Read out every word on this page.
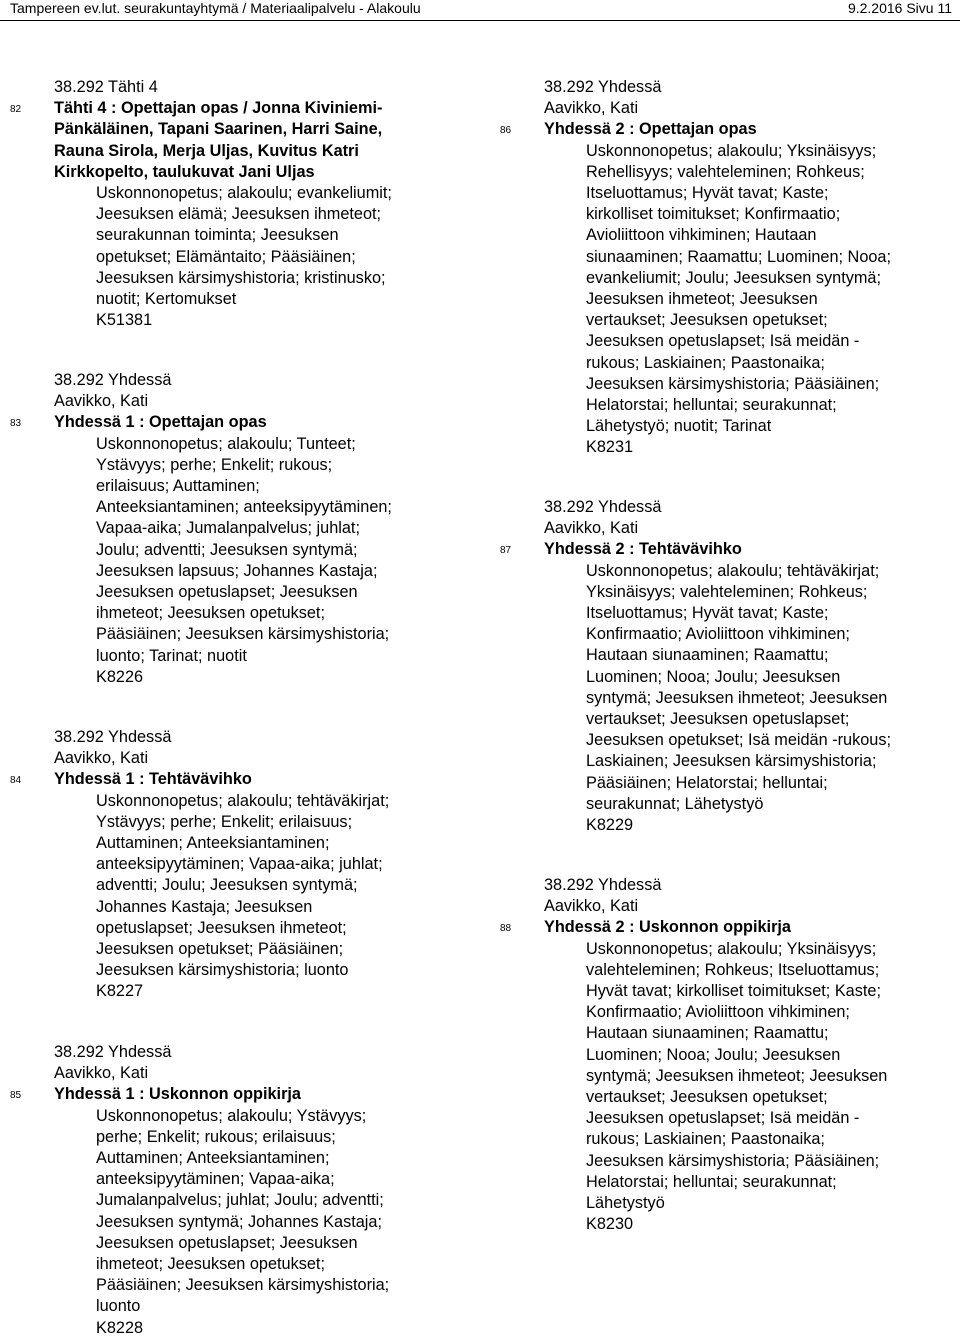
Tampereen ev.lut. seurakuntayhtymä / Materiaalipalvelu - Alakoulu	9.2.2016 Sivu 11
38.292 Tähti 4
82 Tähti 4 : Opettajan opas / Jonna Kiviniemi-
Pänkäläinen, Tapani Saarinen, Harri Saine,
Rauna Sirola, Merja Uljas, Kuvitus Katri
Kirkkopelto, taulukuvat Jani Uljas
Uskonnonopetus; alakoulu; evankeliumit;
Jeesuksen elämä; Jeesuksen ihmeteot;
seurakunnan toiminta; Jeesuksen
opetukset; Elämäntaito; Pääsiäinen;
Jeesuksen kärsimyshistoria; kristinusko;
nuotit; Kertomukset
K51381
38.292 Yhdessä
Aavikko, Kati
83 Yhdessä 1 : Opettajan opas
Uskonnonopetus; alakoulu; Tunteet;
Ystävyys; perhe; Enkelit; rukous;
erilaisuus; Auttaminen;
Anteeksiantaminen; anteeksipyytäminen;
Vapaa-aika; Jumalanpalvelus; juhlat;
Joulu; adventti; Jeesuksen syntymä;
Jeesuksen lapsuus; Johannes Kastaja;
Jeesuksen opetuslapset; Jeesuksen
ihmeteot; Jeesuksen opetukset;
Pääsiäinen; Jeesuksen kärsimyshistoria;
luonto; Tarinat; nuotit
K8226
38.292 Yhdessä
Aavikko, Kati
84 Yhdessä 1 : Tehtävävihko
Uskonnonopetus; alakoulu; tehtäväkirjat;
Ystävyys; perhe; Enkelit; erilaisuus;
Auttaminen; Anteeksiantaminen;
anteeksipyytäminen; Vapaa-aika; juhlat;
adventti; Joulu; Jeesuksen syntymä;
Johannes Kastaja; Jeesuksen
opetuslapset; Jeesuksen ihmeteot;
Jeesuksen opetukset; Pääsiäinen;
Jeesuksen kärsimyshistoria; luonto
K8227
38.292 Yhdessä
Aavikko, Kati
85 Yhdessä 1 : Uskonnon oppikirja
Uskonnonopetus; alakoulu; Ystävyys;
perhe; Enkelit; rukous; erilaisuus;
Auttaminen; Anteeksiantaminen;
anteeksipyytäminen; Vapaa-aika;
Jumalanpalvelus; juhlat; Joulu; adventti;
Jeesuksen syntymä; Johannes Kastaja;
Jeesuksen opetuslapset; Jeesuksen
ihmeteot; Jeesuksen opetukset;
Pääsiäinen; Jeesuksen kärsimyshistoria;
luonto
K8228
38.292 Yhdessä
Aavikko, Kati
86 Yhdessä 2 : Opettajan opas
Uskonnonopetus; alakoulu; Yksinäisyys;
Rehellisyys; valehteleminen; Rohkeus;
Itseluottamus; Hyvät tavat; Kaste;
kirkolliset toimitukset; Konfirmaatio;
Avioliittoon vihkiminen; Hautaan
siunaaminen; Raamattu; Luominen; Nooa;
evankeliumit; Joulu; Jeesuksen syntymä;
Jeesuksen ihmeteot; Jeesuksen
vertaukset; Jeesuksen opetukset;
Jeesuksen opetuslapset; Isä meidän -
rukous; Laskiainen; Paastonaika;
Jeesuksen kärsimyshistoria; Pääsiäinen;
Helatorstai; helluntai; seurakunnat;
Lähetystyö; nuotit; Tarinat
K8231
38.292 Yhdessä
Aavikko, Kati
87 Yhdessä 2 : Tehtävävihko
Uskonnonopetus; alakoulu; tehtäväkirjat;
Yksinäisyys; valehteleminen; Rohkeus;
Itseluottamus; Hyvät tavat; Kaste;
Konfirmaatio; Avioliittoon vihkiminen;
Hautaan siunaaminen; Raamattu;
Luominen; Nooa; Joulu; Jeesuksen
syntymä; Jeesuksen ihmeteot; Jeesuksen
vertaukset; Jeesuksen opetuslapset;
Jeesuksen opetukset; Isä meidän -rukous;
Laskiainen; Jeesuksen kärsimyshistoria;
Pääsiäinen; Helatorstai; helluntai;
seurakunnat; Lähetystyö
K8229
38.292 Yhdessä
Aavikko, Kati
88 Yhdessä 2 : Uskonnon oppikirja
Uskonnonopetus; alakoulu; Yksinäisyys;
valehteleminen; Rohkeus; Itseluottamus;
Hyvät tavat; kirkolliset toimitukset; Kaste;
Konfirmaatio; Avioliittoon vihkiminen;
Hautaan siunaaminen; Raamattu;
Luominen; Nooa; Joulu; Jeesuksen
syntymä; Jeesuksen ihmeteot; Jeesuksen
vertaukset; Jeesuksen opetukset;
Jeesuksen opetuslapset; Isä meidän -
rukous; Laskiainen; Paastonaika;
Jeesuksen kärsimyshistoria; Pääsiäinen;
Helatorstai; helluntai; seurakunnat;
Lähetystyö
K8230
